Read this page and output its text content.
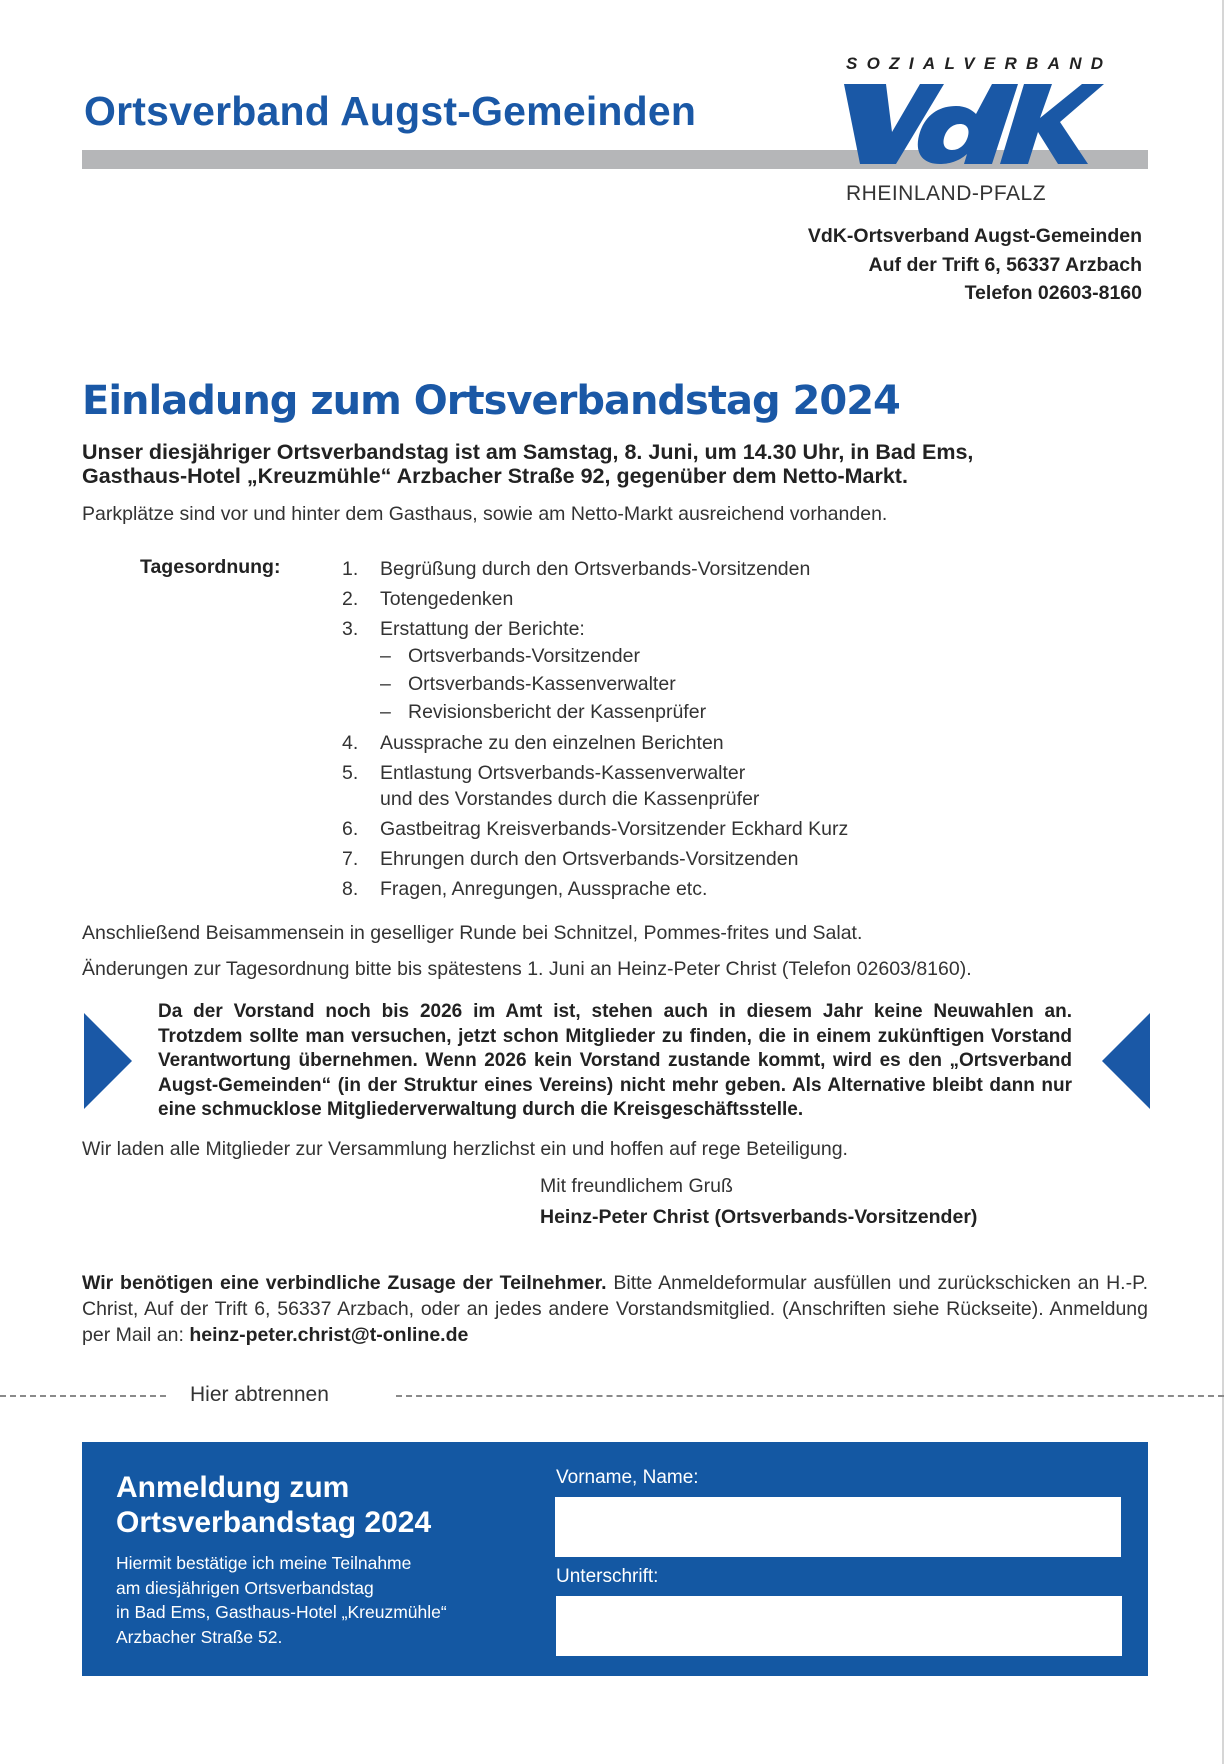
Ortsverband Augst-Gemeinden
SOZIALVERBAND
RHEINLAND-PFALZ
VdK-Ortsverband Augst-Gemeinden
Auf der Trift 6, 56337 Arzbach
Telefon 02603-8160
Einladung zum Ortsverbandstag 2024
Unser diesjähriger Ortsverbandstag ist am Samstag, 8. Juni, um 14.30 Uhr, in Bad Ems,
Gasthaus-Hotel „Kreuzmühle“ Arzbacher Straße 92, gegenüber dem Netto-Markt.
Parkplätze sind vor und hinter dem Gasthaus, sowie am Netto-Markt ausreichend vorhanden.
Tagesordnung:	1.	Begrüßung durch den Ortsverbands-Vorsitzenden
2.	Totengedenken
3.	Erstattung der Berichte:
– Ortsverbands-Vorsitzender
– Ortsverbands-Kassenverwalter
– Revisionsbericht der Kassenprüfer
4.	Aussprache zu den einzelnen Berichten
5.	Entlastung Ortsverbands-Kassenverwalter
und des Vorstandes durch die Kassenprüfer
6.	Gastbeitrag Kreisverbands-Vorsitzender Eckhard Kurz
7.	Ehrungen durch den Ortsverbands-Vorsitzenden
8.	Fragen, Anregungen, Aussprache etc.
Anschließend Beisammensein in geselliger Runde bei Schnitzel, Pommes-frites und Salat.
Änderungen zur Tagesordnung bitte bis spätestens 1. Juni an Heinz-Peter Christ (Telefon 02603/8160).
Da der Vorstand noch bis 2026 im Amt ist, stehen auch in diesem Jahr keine Neuwahlen an. Trotzdem sollte man versuchen, jetzt schon Mitglieder zu finden, die in einem zukünftigen Vorstand Verantwortung übernehmen. Wenn 2026 kein Vorstand zustande kommt, wird es den „Ortsverband Augst-Gemeinden“ (in der Struktur eines Vereins) nicht mehr geben. Als Alternative bleibt dann nur eine schmucklose Mitgliederverwaltung durch die Kreisgeschäftsstelle.
Wir laden alle Mitglieder zur Versammlung herzlichst ein und hoffen auf rege Beteiligung.
Mit freundlichem Gruß
Heinz-Peter Christ (Ortsverbands-Vorsitzender)
Wir benötigen eine verbindliche Zusage der Teilnehmer. Bitte Anmeldeformular ausfüllen und zurückschicken an H.-P. Christ, Auf der Trift 6, 56337 Arzbach, oder an jedes andere Vorstandsmitglied. (Anschriften siehe Rückseite). Anmeldung per Mail an: heinz-peter.christ@t-online.de
Hier abtrennen
Anmeldung zum
Ortsverbandstag 2024
Hiermit bestätige ich meine Teilnahme
am diesjährigen Ortsverbandstag
in Bad Ems, Gasthaus-Hotel „Kreuzmühle“
Arzbacher Straße 52.
Vorname, Name:
Unterschrift:
